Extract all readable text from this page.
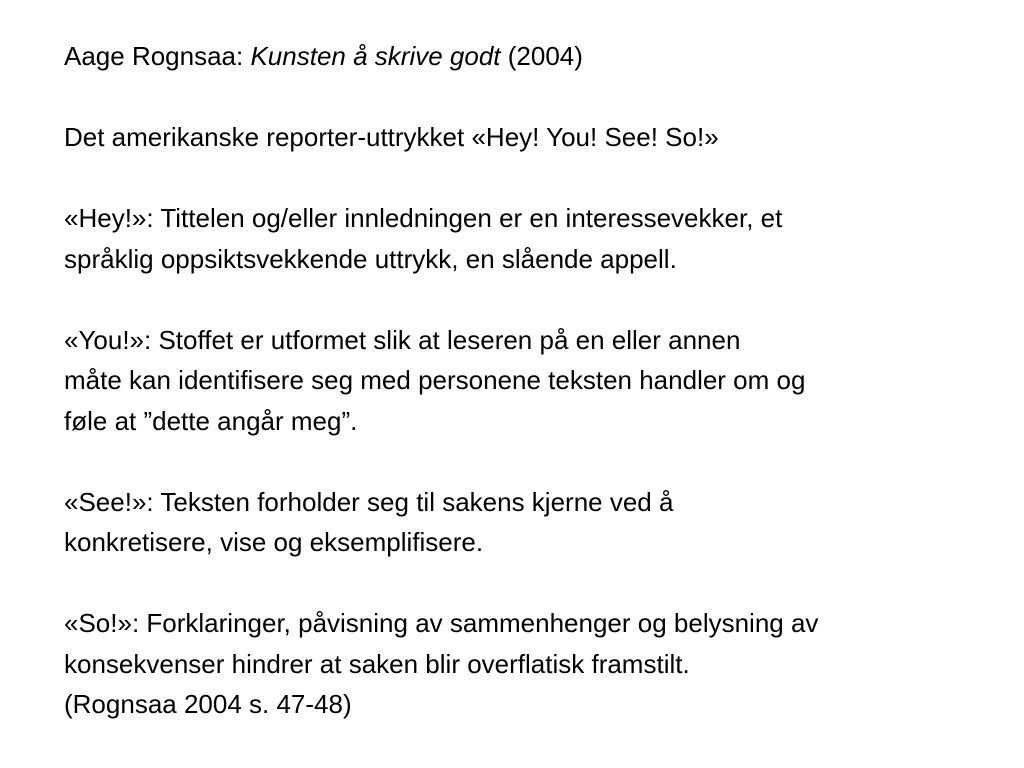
Aage Rognsaa: Kunsten å skrive godt (2004)

Det amerikanske reporter-uttrykket «Hey! You! See! So!»

«Hey!»: Tittelen og/eller innledningen er en interessevekker, et

språklig oppsiktsvekkende uttrykk, en slående appell.

«You!»: Stoffet er utformet slik at leseren på en eller annen

måte kan identifisere seg med personene teksten handler om og

føle at ”dette angår meg”.

«See!»: Teksten forholder seg til sakens kjerne ved å

konkretisere, vise og eksemplifisere.

«So!»: Forklaringer, påvisning av sammenhenger og belysning av

konsekvenser hindrer at saken blir overflatisk framstilt.

(Rognsaa 2004 s. 47-48)
